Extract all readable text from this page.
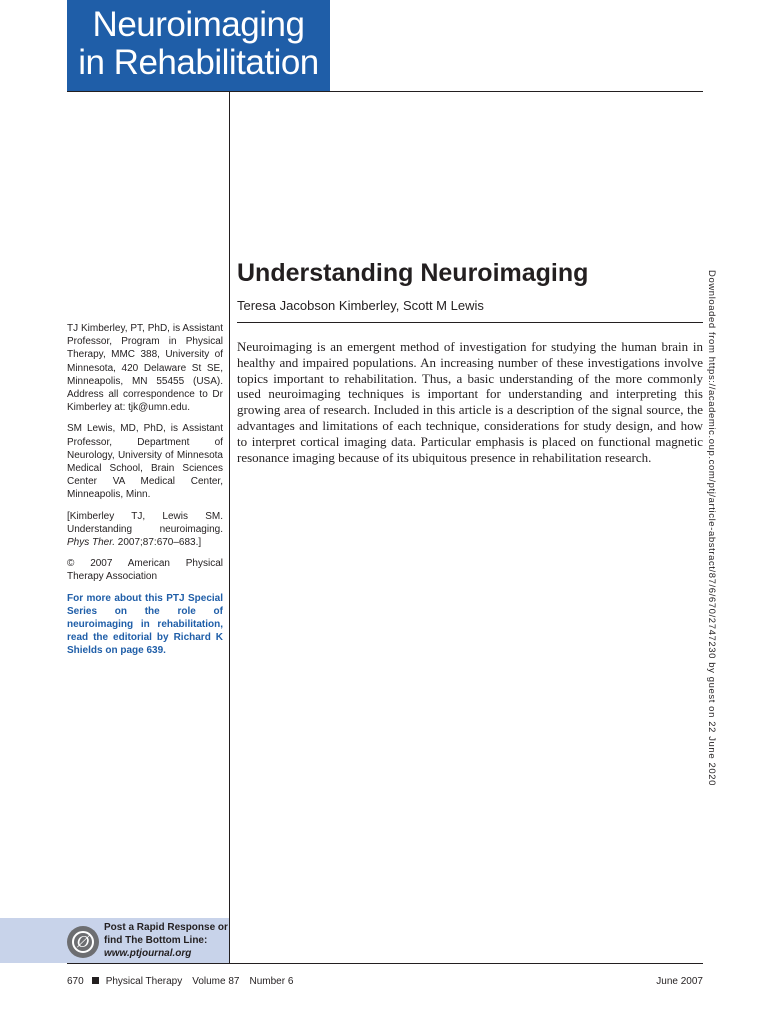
Neuroimaging
in Rehabilitation
Understanding Neuroimaging
Teresa Jacobson Kimberley, Scott M Lewis

Neuroimaging is an emergent method of investigation for studying the human brain in healthy and impaired populations. An increasing number of these investigations involve topics important to rehabilitation. Thus, a basic understanding of the more commonly used neuroimaging techniques is important for understanding and interpreting this growing area of research. Included in this article is a description of the signal source, the advantages and limitations of each technique, considerations for study design, and how to interpret cortical imaging data. Particular emphasis is placed on functional magnetic resonance imaging because of its ubiquitous presence in rehabilitation research.

TJ Kimberley, PT, PhD, is Assistant Professor, Program in Physical Therapy, MMC 388, University of Minnesota, 420 Delaware St SE, Minneapolis, MN 55455 (USA). Address all correspondence to Dr Kimberley at: tjk@umn.edu.

SM Lewis, MD, PhD, is Assistant Professor, Department of Neurology, University of Minnesota Medical School, Brain Sciences Center VA Medical Center, Minneapolis, Minn.

[Kimberley TJ, Lewis SM. Understanding neuroimaging. Phys Ther. 2007;87:670–683.]

© 2007 American Physical Therapy Association

For more about this PTJ Special Series on the role of neuroimaging in rehabilitation, read the editorial by Richard K Shields on page 639.

Ø
Post a Rapid Response or
find The Bottom Line:
www.ptjournal.org
670 Physical Therapy Volume 87 Number 6	June 2007
Downloaded from https://academic.oup.com/ptj/article-abstract/87/6/670/2747230 by guest on 22 June 2020
